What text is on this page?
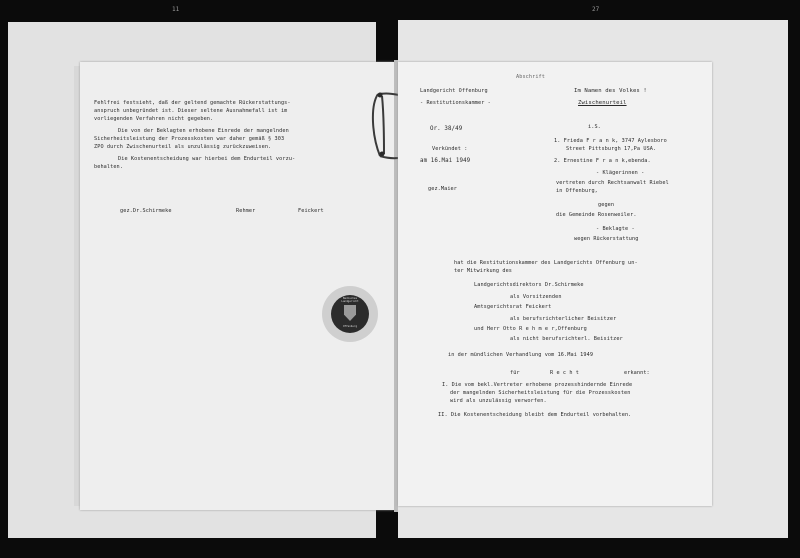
11	27
Fehlfrei festsieht, daß der geltend gemachte Rückerstattungs-
anspruch unbegründet ist. Dieser seltene Ausnahmefall ist im
vorliegenden Verfahren nicht gegeben.
Die von der Beklagten erhobene Einrede der mangelnden
Sicherheitsleistung der Prozesskosten war daher gemäß § 303
ZPO durch Zwischenurteil als unzulässig zurückzuweisen.
Die Kostenentscheidung war hierbei dem Endurteil vorzu-
behalten.
gez.Dr.Schirmeke	Rehmer	Feickert
Badisches Landgericht
Offenburg
Abschrift
Landgericht Offenburg
- Restitutionskammer -
Or. 38/49
Verkündet :
am 16.Mai 1949
gez.Maier
Im Namen des Volkes !
Zwischenurteil
i.S.
1. Frieda F r a n k, 3747 Aylesboro
Street Pittsburgh 17,Pa USA.
2. Ernestine F r a n k,ebenda.
- Klägerinnen -
vertreten durch Rechtsanwalt Riebel
in Offenburg,
gegen
die Gemeinde Rosenweiler.
- Beklagte -
wegen Rückerstattung
hat die Restitutionskammer des Landgerichts Offenburg un-
ter Mitwirkung des
Landgerichtsdirektors Dr.Schirmeke
als Vorsitzenden
Amtsgerichtsrat Feickert
als berufsrichterlicher Beisitzer
und Herr Otto R e h m e r,Offenburg
als nicht berufsrichterl. Beisitzer
in der mündlichen Verhandlung vom 16.Mai 1949
für	R e c h t	erkannt:
I. Die vom bekl.Vertreter erhobene prozesshindernde Einrede
der mangelnden Sicherheitsleistung für die Prozesskosten
wird als unzulässig verworfen.
II. Die Kostenentscheidung bleibt dem Endurteil vorbehalten.
